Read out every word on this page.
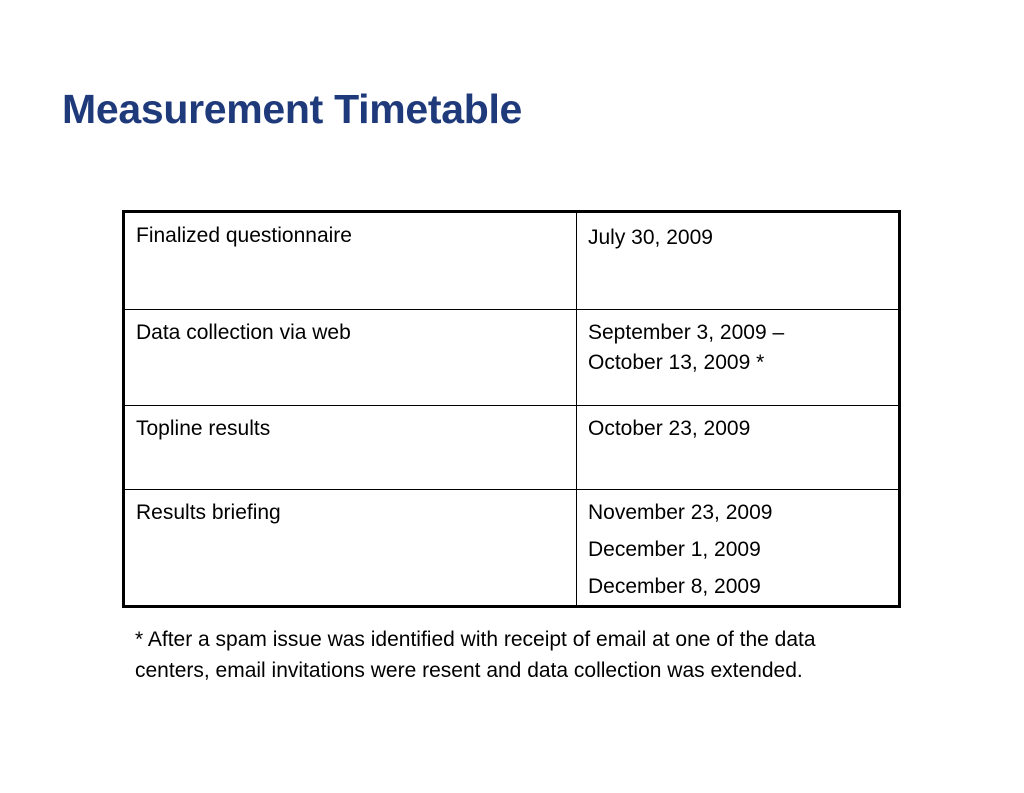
Measurement Timetable
Finalized questionnaire	July 30, 2009

Data collection via web	September 3, 2009 –
October 13, 2009 *

Topline results	October 23, 2009

Results briefing	November 23, 2009
December 1, 2009
December 8, 2009

* After a spam issue was identified with receipt of email at one of the data centers, email invitations were resent and data collection was extended.
